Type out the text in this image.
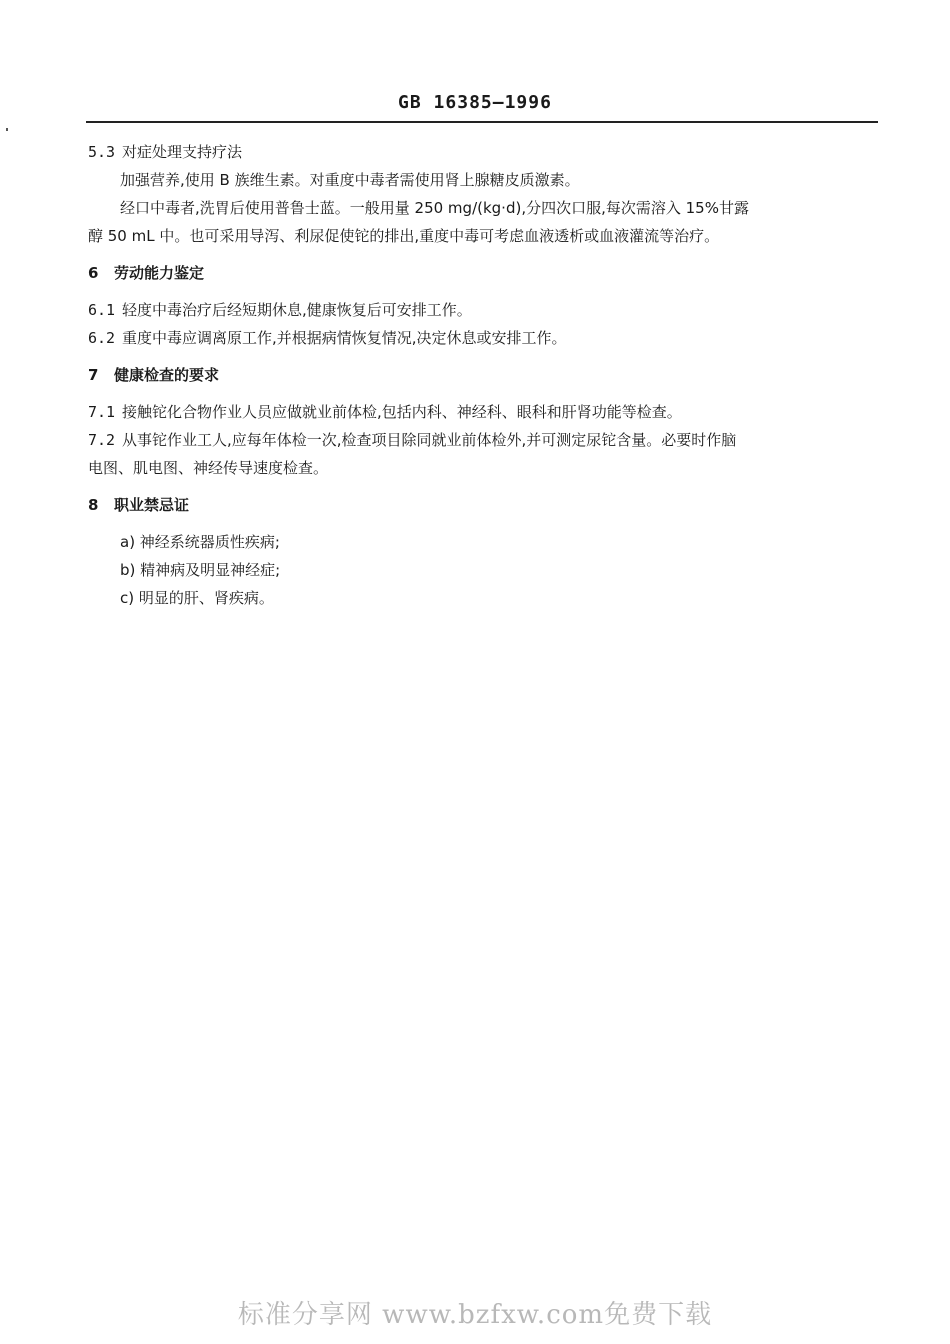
GB 16385—1996

5.3 对症处理支持疗法

加强营养,使用 B 族维生素。对重度中毒者需使用肾上腺糖皮质激素。

经口中毒者,洗胃后使用普鲁士蓝。一般用量 250 mg/(kg·d),分四次口服,每次需溶入 15%甘露

醇 50 mL 中。也可采用导泻、利尿促使铊的排出,重度中毒可考虑血液透析或血液灌流等治疗。

6 劳动能力鉴定

6.1 轻度中毒治疗后经短期休息,健康恢复后可安排工作。

6.2 重度中毒应调离原工作,并根据病情恢复情况,决定休息或安排工作。

7 健康检查的要求

7.1 接触铊化合物作业人员应做就业前体检,包括内科、神经科、眼科和肝肾功能等检查。

7.2 从事铊作业工人,应每年体检一次,检查项目除同就业前体检外,并可测定尿铊含量。必要时作脑

电图、肌电图、神经传导速度检查。

8 职业禁忌证

a) 神经系统器质性疾病;

b) 精神病及明显神经症;

c) 明显的肝、肾疾病。

标准分享网 www.bzfxw.com免费下载
